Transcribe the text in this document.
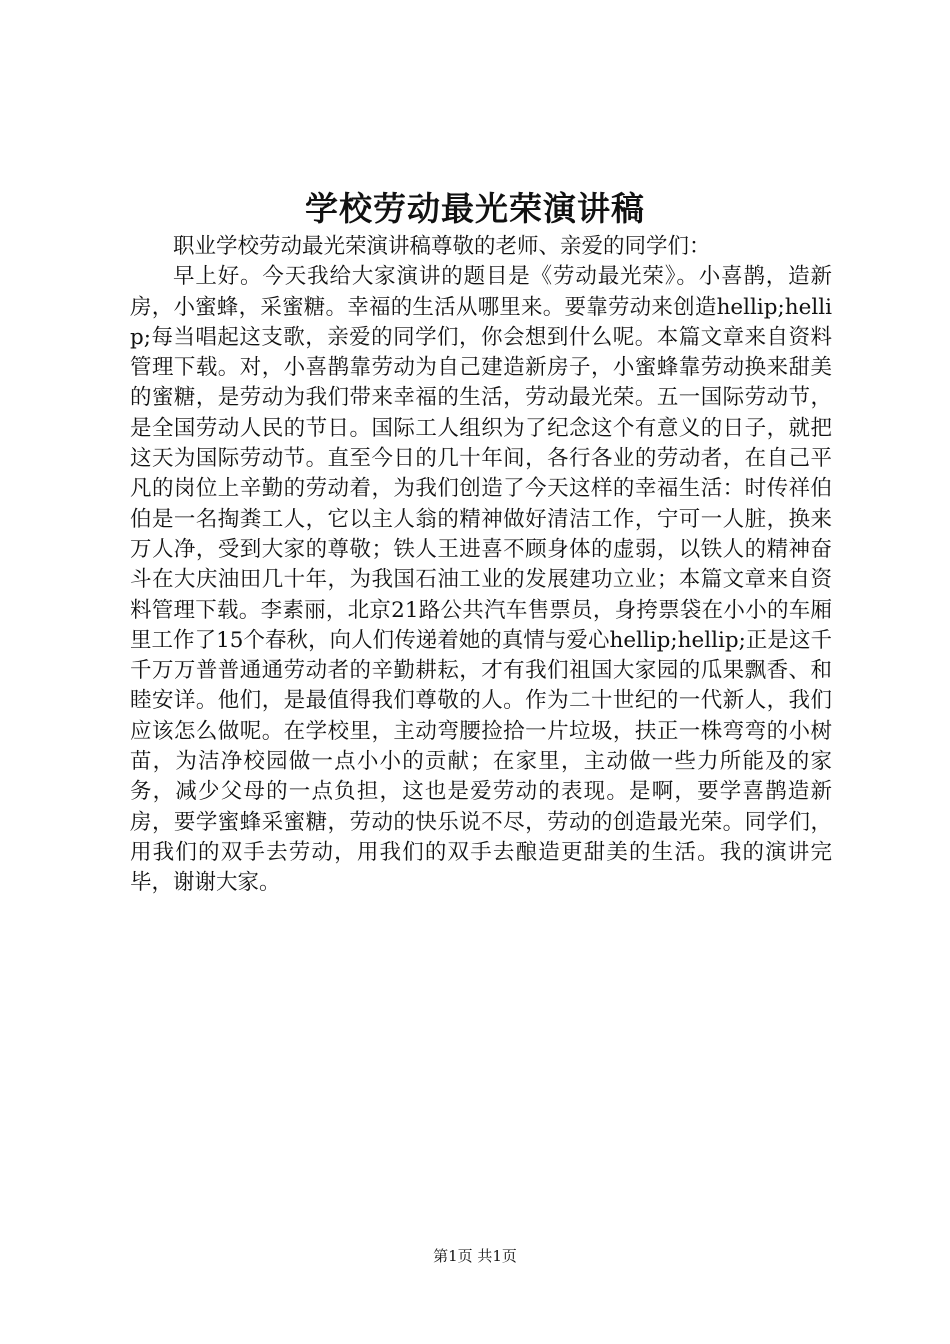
学校劳动最光荣演讲稿

职业学校劳动最光荣演讲稿尊敬的老师、亲爱的同学们：

早上好。今天我给大家演讲的题目是《劳动最光荣》。小喜鹊，造新房，小蜜蜂，采蜜糖。幸福的生活从哪里来。要靠劳动来创造hellip;hellip;每当唱起这支歌，亲爱的同学们，你会想到什么呢。本篇文章来自资料管理下载。对，小喜鹊靠劳动为自己建造新房子，小蜜蜂靠劳动换来甜美的蜜糖，是劳动为我们带来幸福的生活，劳动最光荣。五一国际劳动节，是全国劳动人民的节日。国际工人组织为了纪念这个有意义的日子，就把这天为国际劳动节。直至今日的几十年间，各行各业的劳动者，在自己平凡的岗位上辛勤的劳动着，为我们创造了今天这样的幸福生活：时传祥伯伯是一名掏粪工人，它以主人翁的精神做好清洁工作，宁可一人脏，换来万人净，受到大家的尊敬；铁人王进喜不顾身体的虚弱，以铁人的精神奋斗在大庆油田几十年，为我国石油工业的发展建功立业；本篇文章来自资料管理下载。李素丽，北京21路公共汽车售票员，身挎票袋在小小的车厢里工作了15个春秋，向人们传递着她的真情与爱心hellip;hellip;正是这千千万万普普通通劳动者的辛勤耕耘，才有我们祖国大家园的瓜果飘香、和睦安详。他们，是最值得我们尊敬的人。作为二十世纪的一代新人，我们应该怎么做呢。在学校里，主动弯腰捡拾一片垃圾，扶正一株弯弯的小树苗，为洁净校园做一点小小的贡献；在家里，主动做一些力所能及的家务，减少父母的一点负担，这也是爱劳动的表现。是啊，要学喜鹊造新房，要学蜜蜂采蜜糖，劳动的快乐说不尽，劳动的创造最光荣。同学们，用我们的双手去劳动，用我们的双手去酿造更甜美的生活。我的演讲完毕，谢谢大家。

第1页 共1页
